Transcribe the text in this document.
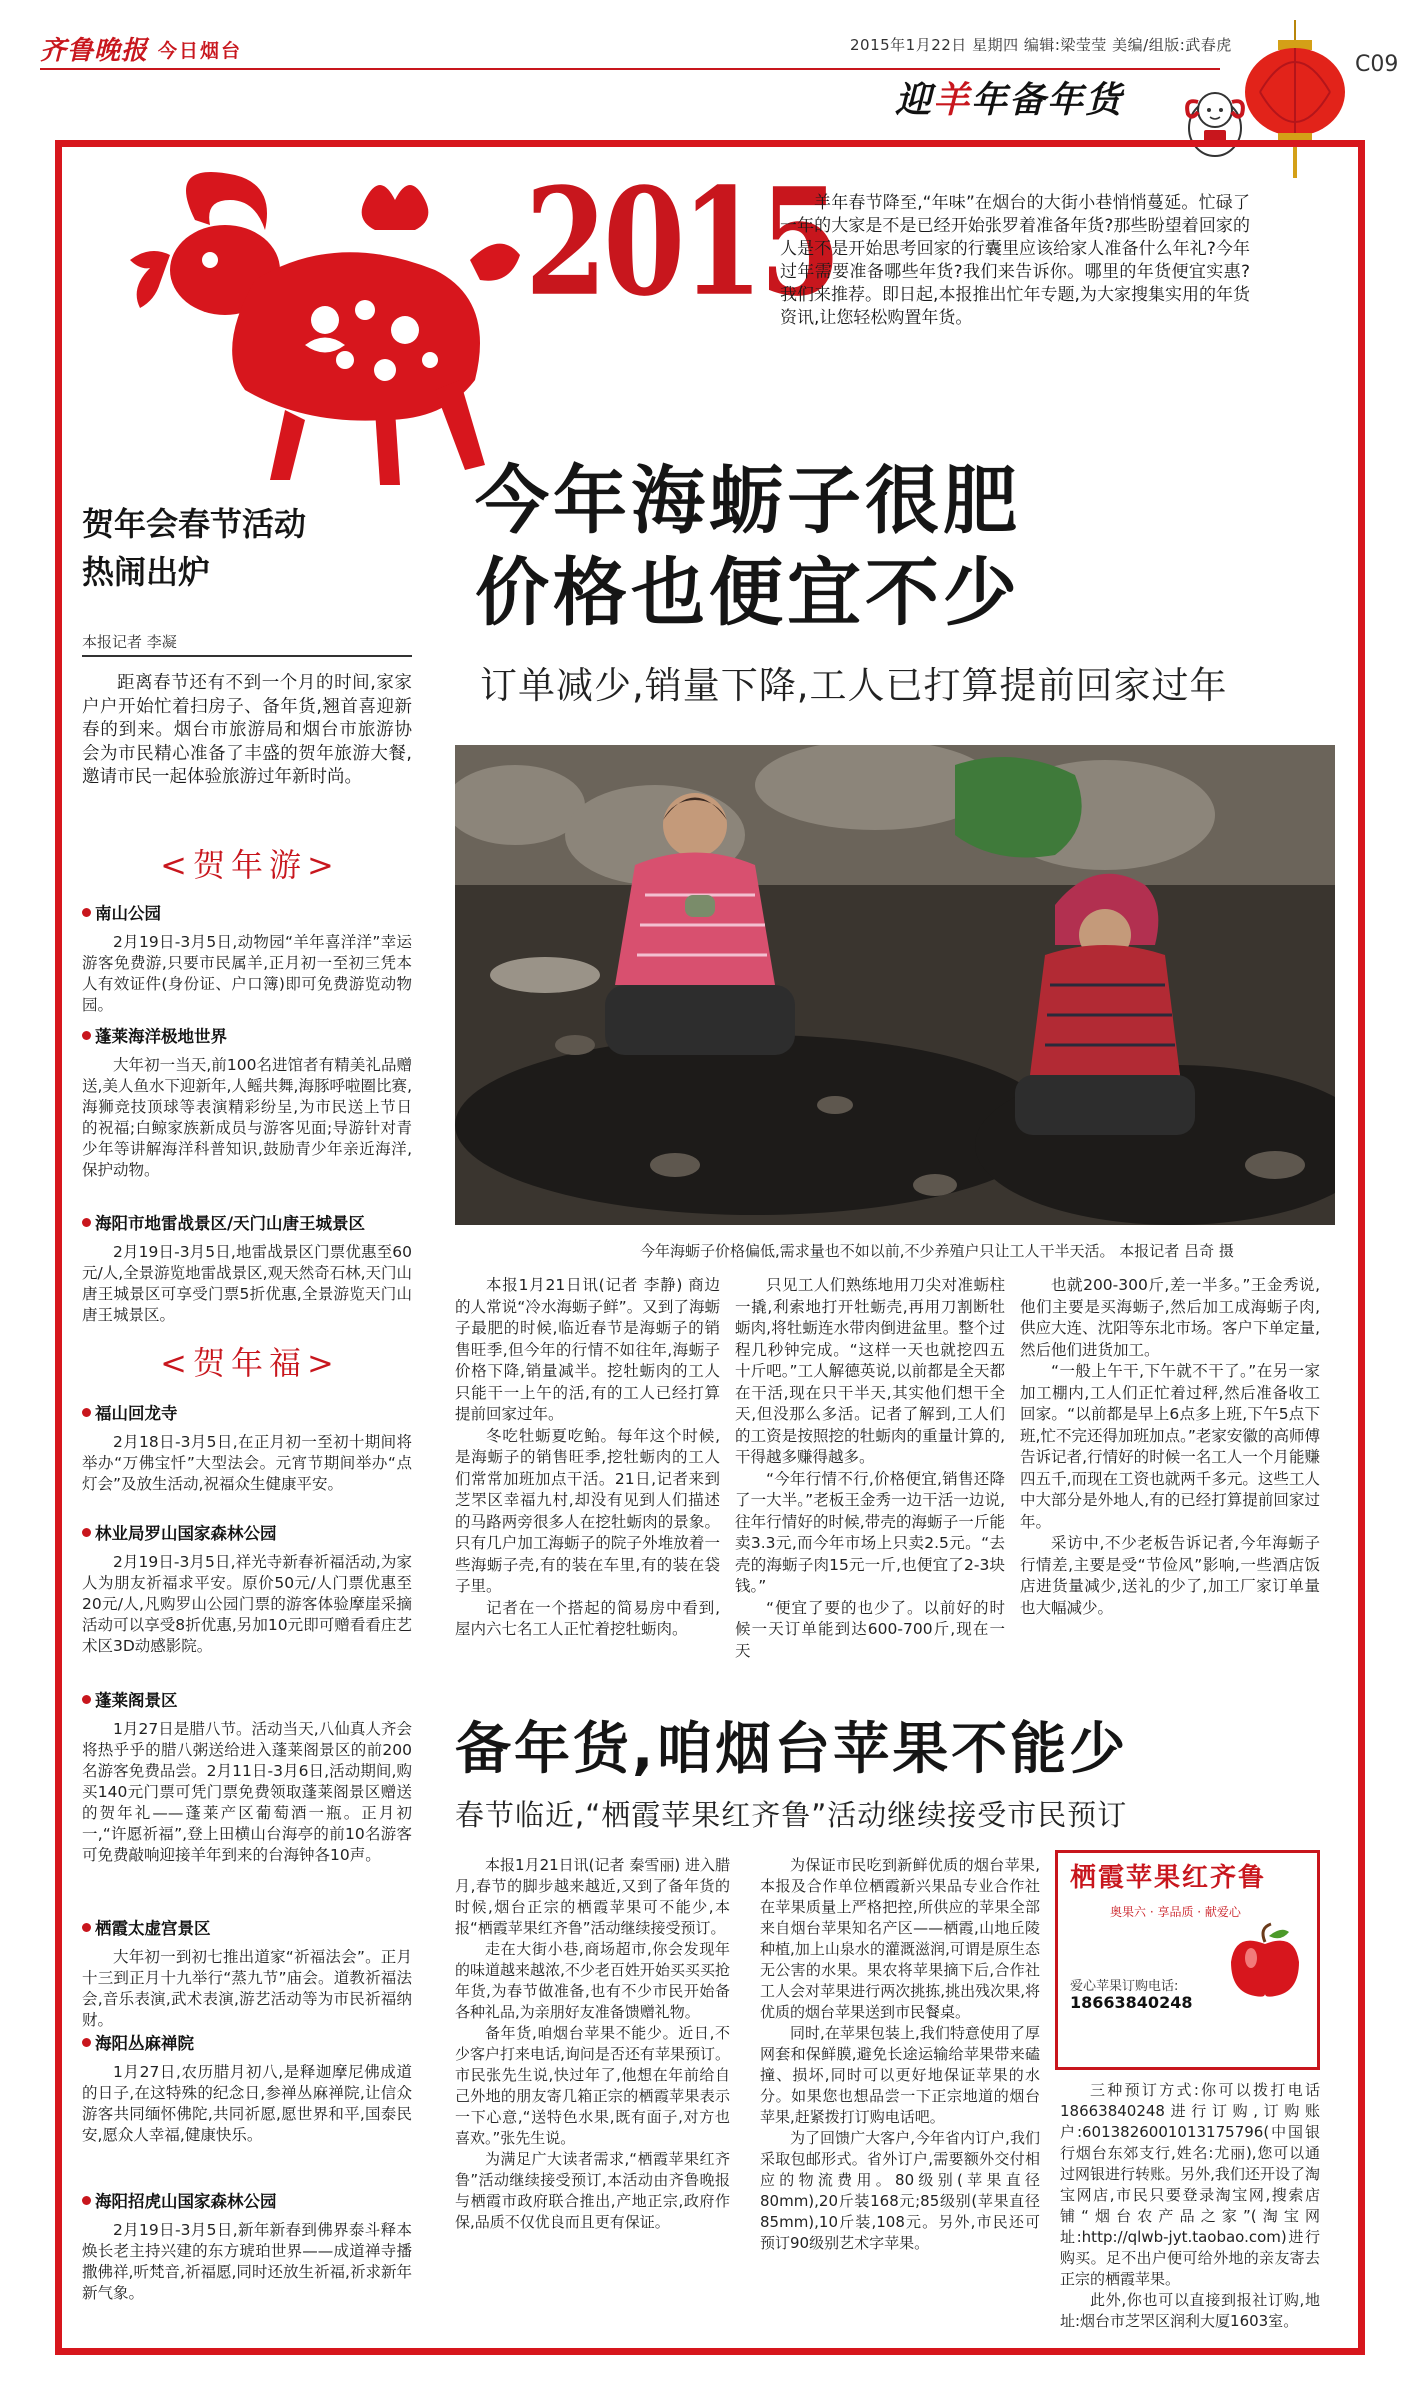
齐鲁晚报 今日烟台	2015年1月22日 星期四 编辑:梁莹莹 美编/组版:武春虎
迎羊年备年货
C09
2015

羊年春节降至,“年味”在烟台的大街小巷悄悄蔓延。忙碌了一年的大家是不是已经开始张罗着准备年货?那些盼望着回家的人是不是开始思考回家的行囊里应该给家人准备什么年礼?今年过年需要准备哪些年货?我们来告诉你。哪里的年货便宜实惠?我们来推荐。即日起,本报推出忙年专题,为大家搜集实用的年货资讯,让您轻松购置年货。

今年海蛎子很肥
价格也便宜不少
订单减少,销量下降,工人已打算提前回家过年
贺年会春节活动
热闹出炉
本报记者 李凝

距离春节还有不到一个月的时间,家家户户开始忙着扫房子、备年货,翘首喜迎新春的到来。烟台市旅游局和烟台市旅游协会为市民精心准备了丰盛的贺年旅游大餐,邀请市民一起体验旅游过年新时尚。

<贺年游>
南山公园

2月19日-3月5日,动物园“羊年喜洋洋”幸运游客免费游,只要市民属羊,正月初一至初三凭本人有效证件(身份证、户口簿)即可免费游览动物园。

蓬莱海洋极地世界

大年初一当天,前100名进馆者有精美礼品赠送,美人鱼水下迎新年,人鳐共舞,海豚呼啦圈比赛,海狮竞技顶球等表演精彩纷呈,为市民送上节日的祝福;白鲸家族新成员与游客见面;导游针对青少年等讲解海洋科普知识,鼓励青少年亲近海洋,保护动物。

海阳市地雷战景区/天门山唐王城景区

2月19日-3月5日,地雷战景区门票优惠至60元/人,全景游览地雷战景区,观天然奇石林,天门山唐王城景区可享受门票5折优惠,全景游览天门山唐王城景区。

<贺年福>
福山回龙寺

2月18日-3月5日,在正月初一至初十期间将举办“万佛宝忏”大型法会。元宵节期间举办“点灯会”及放生活动,祝福众生健康平安。

林业局罗山国家森林公园

2月19日-3月5日,祥光寺新春祈福活动,为家人为朋友祈福求平安。原价50元/人门票优惠至20元/人,凡购罗山公园门票的游客体验摩崖采摘活动可以享受8折优惠,另加10元即可赠看看庄艺术区3D动感影院。

蓬莱阁景区

1月27日是腊八节。活动当天,八仙真人齐会将热乎乎的腊八粥送给进入蓬莱阁景区的前200名游客免费品尝。2月11日-3月6日,活动期间,购买140元门票可凭门票免费领取蓬莱阁景区赠送的贺年礼——蓬莱产区葡萄酒一瓶。正月初一,“许愿祈福”,登上田横山台海亭的前10名游客可免费敲响迎接羊年到来的台海钟各10声。

栖霞太虚宫景区

大年初一到初七推出道家“祈福法会”。正月十三到正月十九举行“蒸九节”庙会。道教祈福法会,音乐表演,武术表演,游艺活动等为市民祈福纳财。

海阳丛麻禅院

1月27日,农历腊月初八,是释迦摩尼佛成道的日子,在这特殊的纪念日,参禅丛麻禅院,让信众游客共同缅怀佛陀,共同祈愿,愿世界和平,国泰民安,愿众人幸福,健康快乐。

海阳招虎山国家森林公园

2月19日-3月5日,新年新春到佛界泰斗释本焕长老主持兴建的东方琥珀世界——成道禅寺播撒佛祥,听梵音,祈福愿,同时还放生祈福,祈求新年新气象。

今年海蛎子价格偏低,需求量也不如以前,不少养殖户只让工人干半天活。 本报记者 吕奇 摄

本报1月21日讯(记者 李静) 商边的人常说“冷水海蛎子鲜”。又到了海蛎子最肥的时候,临近春节是海蛎子的销售旺季,但今年的行情不如往年,海蛎子价格下降,销量减半。挖牡蛎肉的工人只能干一上午的活,有的工人已经打算提前回家过年。

冬吃牡蛎夏吃鲐。每年这个时候,是海蛎子的销售旺季,挖牡蛎肉的工人们常常加班加点干活。21日,记者来到芝罘区幸福九村,却没有见到人们描述的马路两旁很多人在挖牡蛎肉的景象。只有几户加工海蛎子的院子外堆放着一些海蛎子壳,有的装在车里,有的装在袋子里。

记者在一个搭起的简易房中看到,屋内六七名工人正忙着挖牡蛎肉。

只见工人们熟练地用刀尖对准蛎柱一撬,利索地打开牡蛎壳,再用刀割断牡蛎肉,将牡蛎连水带肉倒进盆里。整个过程几秒钟完成。“这样一天也就挖四五十斤吧。”工人解德英说,以前都是全天都在干活,现在只干半天,其实他们想干全天,但没那么多活。记者了解到,工人们的工资是按照挖的牡蛎肉的重量计算的,干得越多赚得越多。

“今年行情不行,价格便宜,销售还降了一大半。”老板王金秀一边干活一边说,往年行情好的时候,带壳的海蛎子一斤能卖3.3元,而今年市场上只卖2.5元。“去壳的海蛎子肉15元一斤,也便宜了2-3块钱。”

“便宜了要的也少了。以前好的时候一天订单能到达600-700斤,现在一天

也就200-300斤,差一半多。”王金秀说,他们主要是买海蛎子,然后加工成海蛎子肉,供应大连、沈阳等东北市场。客户下单定量,然后他们进货加工。

“一般上午干,下午就不干了。”在另一家加工棚内,工人们正忙着过秤,然后准备收工回家。“以前都是早上6点多上班,下午5点下班,忙不完还得加班加点。”老家安徽的高师傅告诉记者,行情好的时候一名工人一个月能赚四五千,而现在工资也就两千多元。这些工人中大部分是外地人,有的已经打算提前回家过年。

采访中,不少老板告诉记者,今年海蛎子行情差,主要是受“节俭风”影响,一些酒店饭店进货量减少,送礼的少了,加工厂家订单量也大幅减少。

备年货,咱烟台苹果不能少
春节临近,“栖霞苹果红齐鲁”活动继续接受市民预订

本报1月21日讯(记者 秦雪丽) 进入腊月,春节的脚步越来越近,又到了备年货的时候,烟台正宗的栖霞苹果可不能少,本报“栖霞苹果红齐鲁”活动继续接受预订。

走在大街小巷,商场超市,你会发现年的味道越来越浓,不少老百姓开始买买买抢年货,为春节做准备,也有不少市民开始备各种礼品,为亲朋好友准备馈赠礼物。

备年货,咱烟台苹果不能少。近日,不少客户打来电话,询问是否还有苹果预订。市民张先生说,快过年了,他想在年前给自己外地的朋友寄几箱正宗的栖霞苹果表示一下心意,“送特色水果,既有面子,对方也喜欢。”张先生说。

为满足广大读者需求,“栖霞苹果红齐鲁”活动继续接受预订,本活动由齐鲁晚报与栖霞市政府联合推出,产地正宗,政府作保,品质不仅优良而且更有保证。

为保证市民吃到新鲜优质的烟台苹果,本报及合作单位栖霞新兴果品专业合作社在苹果质量上严格把控,所供应的苹果全部来自烟台苹果知名产区——栖霞,山地丘陵种植,加上山泉水的灌溉滋润,可谓是原生态无公害的水果。果农将苹果摘下后,合作社工人会对苹果进行两次挑拣,挑出残次果,将优质的烟台苹果送到市民餐桌。

同时,在苹果包装上,我们特意使用了厚网套和保鲜膜,避免长途运输给苹果带来磕撞、损坏,同时可以更好地保证苹果的水分。如果您也想品尝一下正宗地道的烟台苹果,赶紧拨打订购电话吧。

为了回馈广大客户,今年省内订户,我们采取包邮形式。省外订户,需要额外交付相应的物流费用。80级别(苹果直径80mm),20斤装168元;85级别(苹果直径85mm),10斤装,108元。另外,市民还可预订90级别艺术字苹果。

栖霞苹果红齐鲁
奥果六 · 享品质 · 献爱心
爱心苹果订购电话:
18663840248

三种预订方式:你可以拨打电话18663840248进行订购,订购账户:6013826001013175796(中国银行烟台东郊支行,姓名:尤丽),您可以通过网银进行转账。另外,我们还开设了淘宝网店,市民只要登录淘宝网,搜索店铺“烟台农产品之家”(淘宝网址:http://qlwb-jyt.taobao.com)进行购买。足不出户便可给外地的亲友寄去正宗的栖霞苹果。

此外,你也可以直接到报社订购,地址:烟台市芝罘区润利大厦1603室。
